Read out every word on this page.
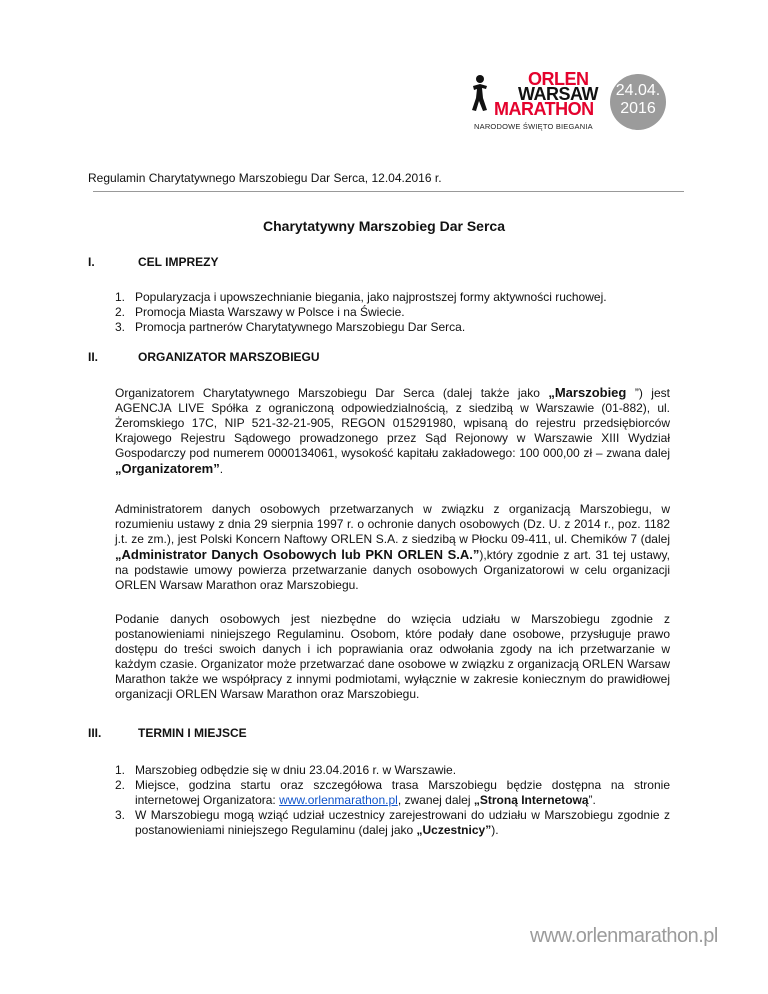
ORLEN
WARSAW
MARATHON
NARODOWE ŚWIĘTO BIEGANIA
24.04.
2016
Regulamin Charytatywnego Marszobiegu Dar Serca, 12.04.2016 r.
Charytatywny Marszobieg Dar Serca
I.	CEL IMPREZY
1. Popularyzacja i upowszechnianie biegania, jako najprostszej formy aktywności ruchowej.
2. Promocja Miasta Warszawy w Polsce i na Świecie.
3. Promocja partnerów Charytatywnego Marszobiegu Dar Serca.
II.	ORGANIZATOR MARSZOBIEGU
Organizatorem Charytatywnego Marszobiegu Dar Serca (dalej także jako „Marszobieg ”) jest AGENCJA LIVE Spółka z ograniczoną odpowiedzialnością, z siedzibą w Warszawie (01-882), ul. Żeromskiego 17C, NIP 521-32-21-905, REGON 015291980, wpisaną do rejestru przedsiębiorców Krajowego Rejestru Sądowego prowadzonego przez Sąd Rejonowy w Warszawie XIII Wydział Gospodarczy pod numerem 0000134061, wysokość kapitału zakładowego: 100 000,00 zł – zwana dalej „Organizatorem”.
Administratorem danych osobowych przetwarzanych w związku z organizacją Marszobiegu, w rozumieniu ustawy z dnia 29 sierpnia 1997 r. o ochronie danych osobowych (Dz. U. z 2014 r., poz. 1182 j.t. ze zm.), jest Polski Koncern Naftowy ORLEN S.A. z siedzibą w Płocku 09-411, ul. Chemików 7 (dalej „Administrator Danych Osobowych lub PKN ORLEN S.A.”),który zgodnie z art. 31 tej ustawy, na podstawie umowy powierza przetwarzanie danych osobowych Organizatorowi w celu organizacji ORLEN Warsaw Marathon oraz Marszobiegu.
Podanie danych osobowych jest niezbędne do wzięcia udziału w Marszobiegu zgodnie z postanowieniami niniejszego Regulaminu. Osobom, które podały dane osobowe, przysługuje prawo dostępu do treści swoich danych i ich poprawiania oraz odwołania zgody na ich przetwarzanie w każdym czasie. Organizator może przetwarzać dane osobowe w związku z organizacją ORLEN Warsaw Marathon także we współpracy z innymi podmiotami, wyłącznie w zakresie koniecznym do prawidłowej organizacji ORLEN Warsaw Marathon oraz Marszobiegu.
III.	TERMIN I MIEJSCE
1. Marszobieg odbędzie się w dniu 23.04.2016 r. w Warszawie.
2. Miejsce, godzina startu oraz szczegółowa trasa Marszobiegu będzie dostępna na stronie internetowej Organizatora: www.orlenmarathon.pl, zwanej dalej „Stroną Internetową”.
3. W Marszobiegu mogą wziąć udział uczestnicy zarejestrowani do udziału w Marszobiegu zgodnie z postanowieniami niniejszego Regulaminu (dalej jako „Uczestnicy”).
www.orlenmarathon.pl
